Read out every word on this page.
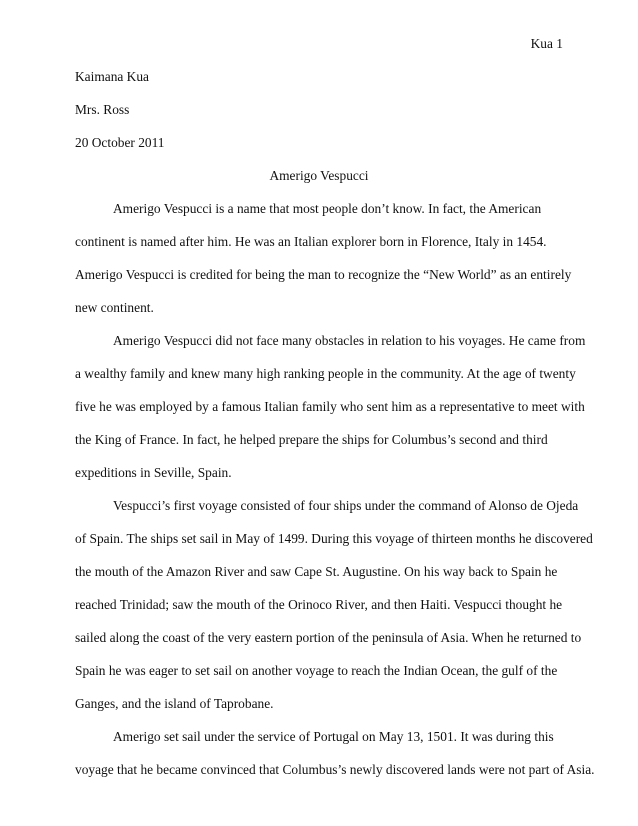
Kua 1
Kaimana Kua
Mrs. Ross
20 October 2011
Amerigo Vespucci
Amerigo Vespucci is a name that most people don’t know. In fact, the American
continent is named after him. He was an Italian explorer born in Florence, Italy in 1454.
Amerigo Vespucci is credited for being the man to recognize the “New World” as an entirely
new continent.
Amerigo Vespucci did not face many obstacles in relation to his voyages. He came from
a wealthy family and knew many high ranking people in the community. At the age of twenty
five he was employed by a famous Italian family who sent him as a representative to meet with
the King of France. In fact, he helped prepare the ships for Columbus’s second and third
expeditions in Seville, Spain.
Vespucci’s first voyage consisted of four ships under the command of Alonso de Ojeda
of Spain. The ships set sail in May of 1499. During this voyage of thirteen months he discovered
the mouth of the Amazon River and saw Cape St. Augustine. On his way back to Spain he
reached Trinidad; saw the mouth of the Orinoco River, and then Haiti. Vespucci thought he
sailed along the coast of the very eastern portion of the peninsula of Asia. When he returned to
Spain he was eager to set sail on another voyage to reach the Indian Ocean, the gulf of the
Ganges, and the island of Taprobane.
Amerigo set sail under the service of Portugal on May 13, 1501. It was during this
voyage that he became convinced that Columbus’s newly discovered lands were not part of Asia.
